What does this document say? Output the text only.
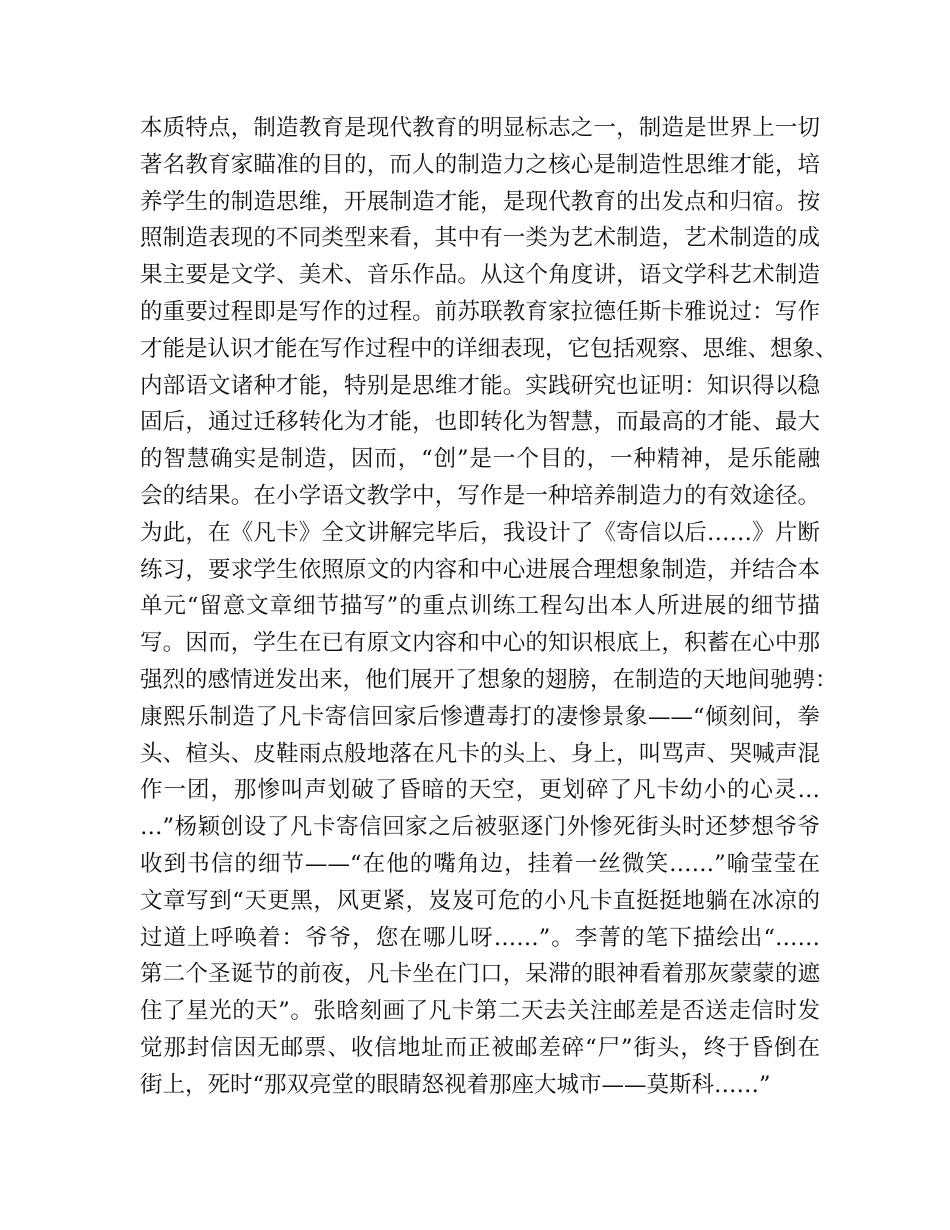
本质特点，制造教育是现代教育的明显标志之一，制造是世界上一切
著名教育家瞄准的目的，而人的制造力之核心是制造性思维才能，培
养学生的制造思维，开展制造才能，是现代教育的出发点和归宿。按
照制造表现的不同类型来看，其中有一类为艺术制造，艺术制造的成
果主要是文学、美术、音乐作品。从这个角度讲，语文学科艺术制造
的重要过程即是写作的过程。前苏联教育家拉德任斯卡雅说过：写作
才能是认识才能在写作过程中的详细表现，它包括观察、思维、想象、
内部语文诸种才能，特别是思维才能。实践研究也证明：知识得以稳
固后，通过迁移转化为才能，也即转化为智慧，而最高的才能、最大
的智慧确实是制造，因而，“创”是一个目的，一种精神，是乐能融
会的结果。在小学语文教学中，写作是一种培养制造力的有效途径。
为此，在《凡卡》全文讲解完毕后，我设计了《寄信以后……》片断
练习，要求学生依照原文的内容和中心进展合理想象制造，并结合本
单元“留意文章细节描写”的重点训练工程勾出本人所进展的细节描
写。因而，学生在已有原文内容和中心的知识根底上，积蓄在心中那
强烈的感情迸发出来，他们展开了想象的翅膀，在制造的天地间驰骋：
康熙乐制造了凡卡寄信回家后惨遭毒打的凄惨景象——“倾刻间，拳
头、楦头、皮鞋雨点般地落在凡卡的头上、身上，叫骂声、哭喊声混
作一团，那惨叫声划破了昏暗的天空，更划碎了凡卡幼小的心灵…
…”杨颖创设了凡卡寄信回家之后被驱逐门外惨死街头时还梦想爷爷
收到书信的细节——“在他的嘴角边，挂着一丝微笑……”喻莹莹在
文章写到“天更黑，风更紧，岌岌可危的小凡卡直挺挺地躺在冰凉的
过道上呼唤着：爷爷，您在哪儿呀……”。李菁的笔下描绘出“……
第二个圣诞节的前夜，凡卡坐在门口，呆滞的眼神看着那灰蒙蒙的遮
住了星光的天”。张晗刻画了凡卡第二天去关注邮差是否送走信时发
觉那封信因无邮票、收信地址而正被邮差碎“尸”街头，终于昏倒在
街上，死时“那双亮堂的眼睛怒视着那座大城市——莫斯科……”
